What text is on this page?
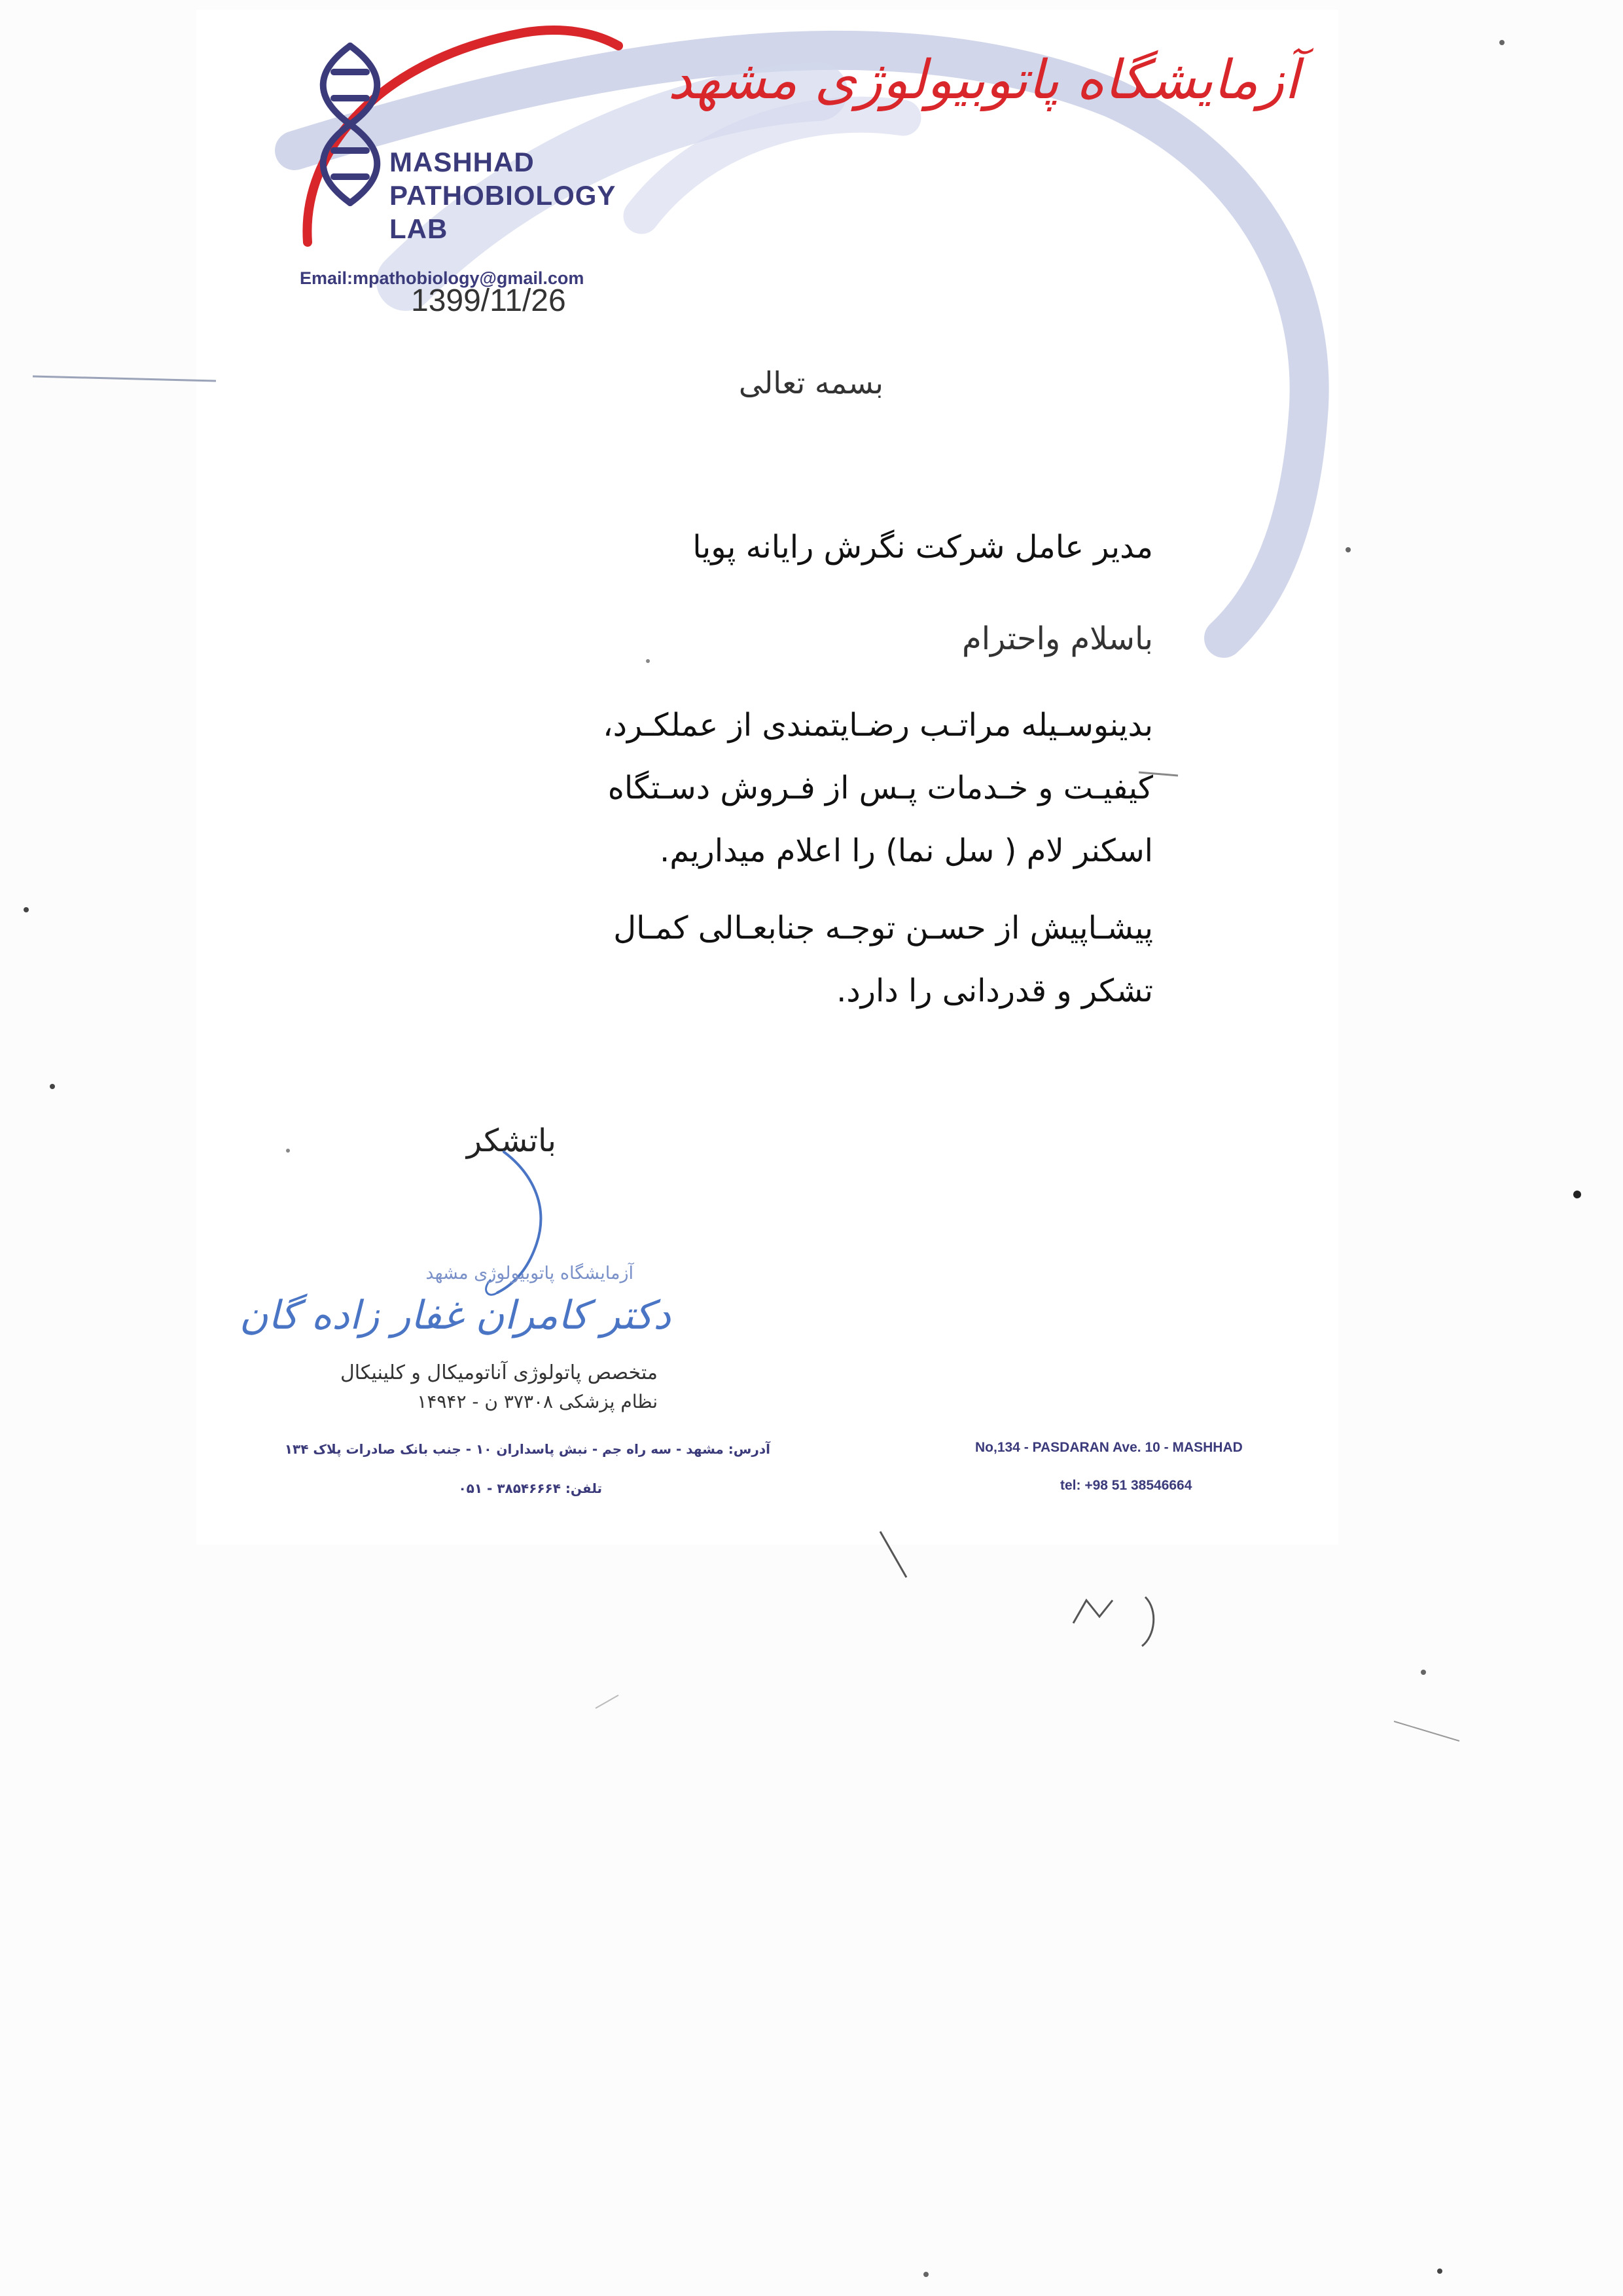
MASHHAD
PATHOBIOLOGY
LAB
Email:mpathobiology@gmail.com
1399/11/26
آزمایشگاه پاتوبیولوژی مشهد
بسمه تعالی
مدیر عامل شرکت نگرش رایانه پویا
باسلام واحترام
بدینوسـیله مراتـب رضـایتمندی از عملکـرد،
کیفیـت و خـدمات پـس از فـروش دسـتگاه
اسکنر لام ( سل نما) را اعلام میداریم.
پیشـاپیش از حسـن توجـه جنابعـالی کمـال
تشکر و قدردانی را دارد.
باتشکر
آزمایشگاه پاتوبیولوژی مشهد
دکتر کامران غفار زاده گان
متخصص پاتولوژی آناتومیکال و کلینیکال
نظام پزشکی ۳۷۳۰۸ ن - ۱۴۹۴۲
آدرس: مشهد - سه راه جم - نبش پاسداران ۱۰ - جنب بانک صادرات پلاک ۱۳۴
تلفن: ۳۸۵۴۶۶۶۴ - ۰۵۱
No,134 - PASDARAN Ave. 10 - MASHHAD
tel: +98 51 38546664
